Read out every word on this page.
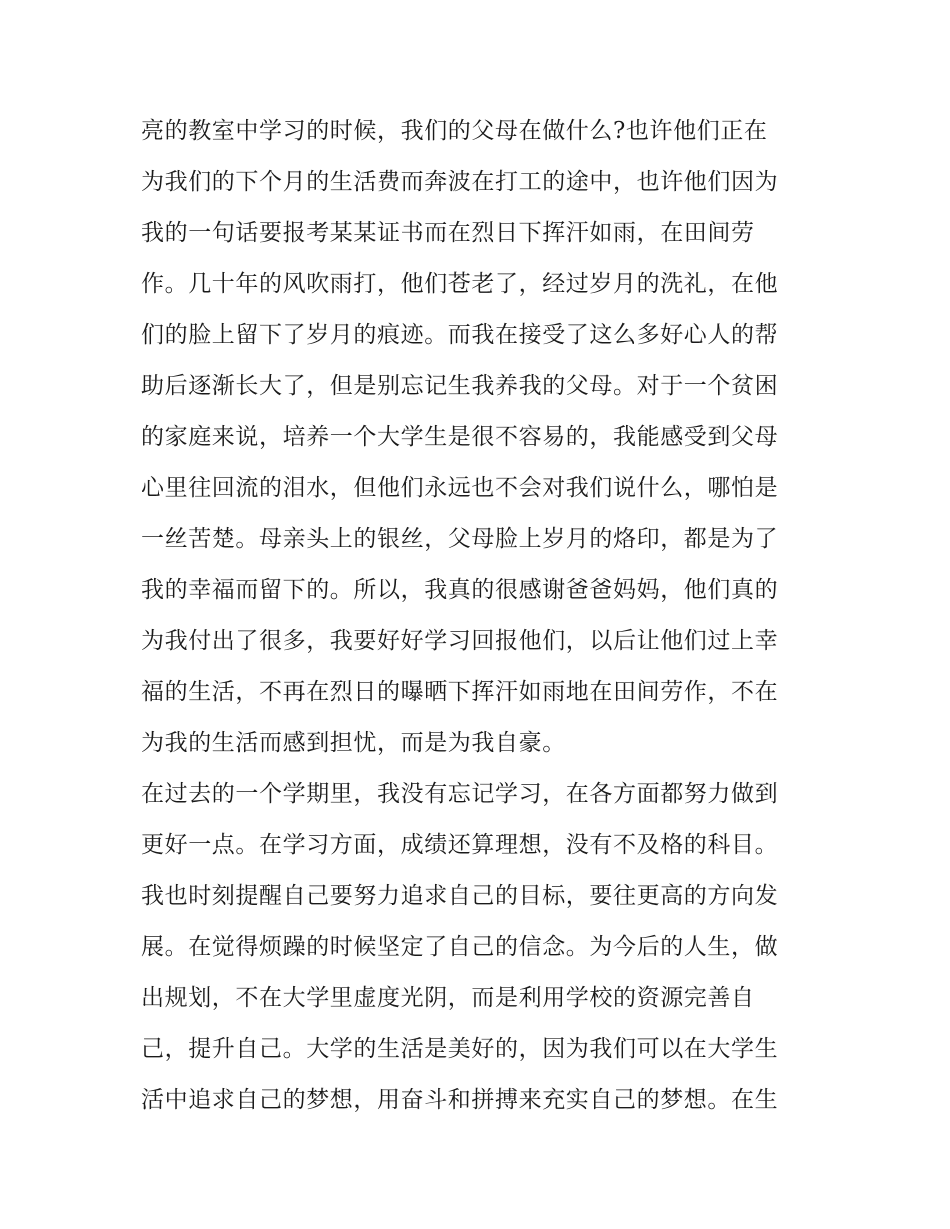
亮的教室中学习的时候，我们的父母在做什么?也许他们正在
为我们的下个月的生活费而奔波在打工的途中，也许他们因为
我的一句话要报考某某证书而在烈日下挥汗如雨，在田间劳
作。几十年的风吹雨打，他们苍老了，经过岁月的洗礼，在他
们的脸上留下了岁月的痕迹。而我在接受了这么多好心人的帮
助后逐渐长大了，但是别忘记生我养我的父母。对于一个贫困
的家庭来说，培养一个大学生是很不容易的，我能感受到父母
心里往回流的泪水，但他们永远也不会对我们说什么，哪怕是
一丝苦楚。母亲头上的银丝，父母脸上岁月的烙印，都是为了
我的幸福而留下的。所以，我真的很感谢爸爸妈妈，他们真的
为我付出了很多，我要好好学习回报他们，以后让他们过上幸
福的生活，不再在烈日的曝晒下挥汗如雨地在田间劳作，不在
为我的生活而感到担忧，而是为我自豪。
在过去的一个学期里，我没有忘记学习，在各方面都努力做到
更好一点。在学习方面，成绩还算理想，没有不及格的科目。
我也时刻提醒自己要努力追求自己的目标，要往更高的方向发
展。在觉得烦躁的时候坚定了自己的信念。为今后的人生，做
出规划，不在大学里虚度光阴，而是利用学校的资源完善自
己，提升自己。大学的生活是美好的，因为我们可以在大学生
活中追求自己的梦想，用奋斗和拼搏来充实自己的梦想。在生
